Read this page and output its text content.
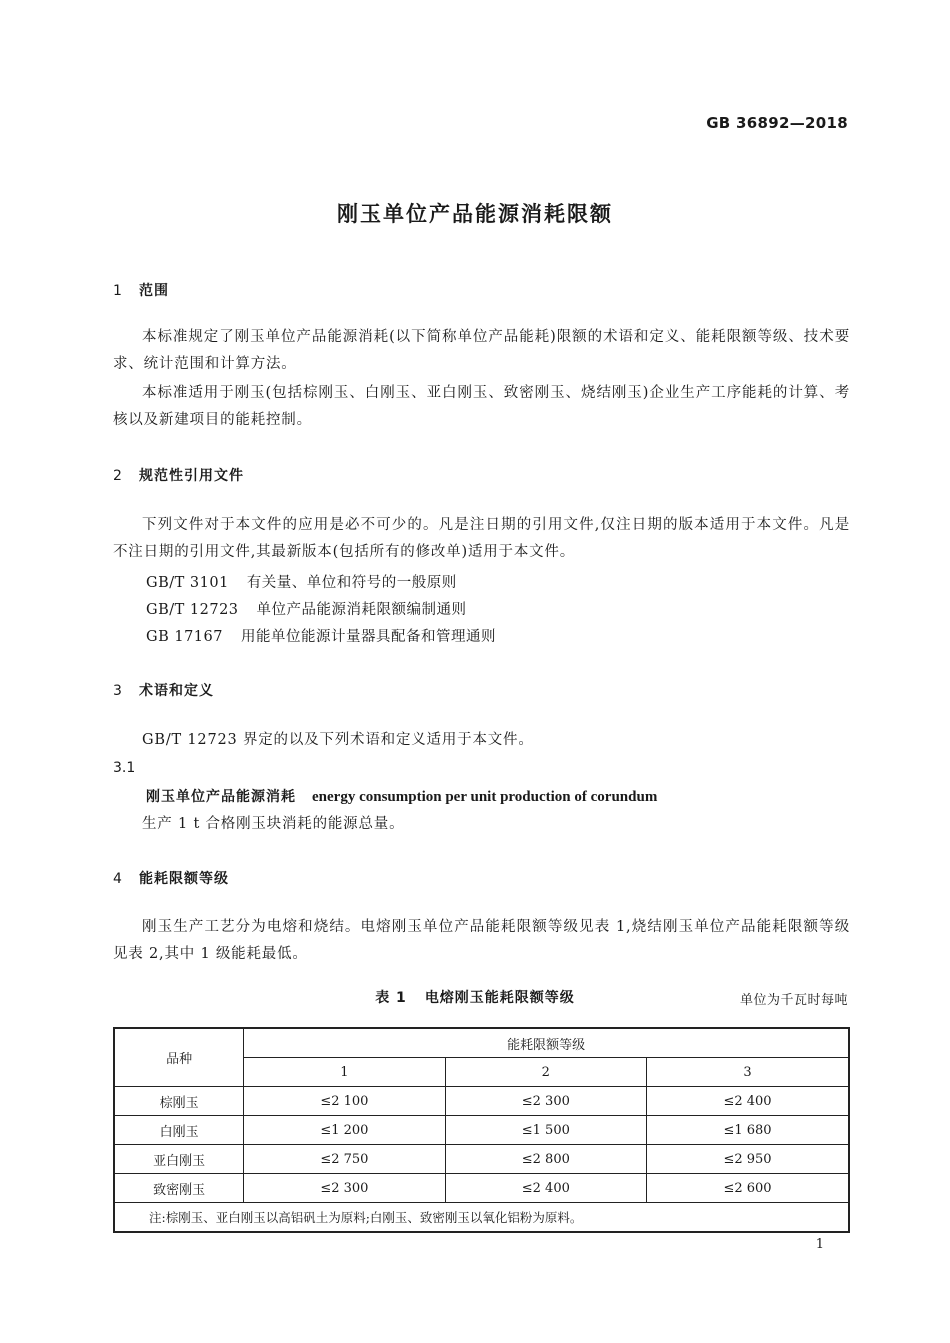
GB 36892—2018
刚玉单位产品能源消耗限额
1 范围
本标准规定了刚玉单位产品能源消耗(以下简称单位产品能耗)限额的术语和定义、能耗限额等级、技术要求、统计范围和计算方法。
本标准适用于刚玉(包括棕刚玉、白刚玉、亚白刚玉、致密刚玉、烧结刚玉)企业生产工序能耗的计算、考核以及新建项目的能耗控制。
2 规范性引用文件
下列文件对于本文件的应用是必不可少的。凡是注日期的引用文件,仅注日期的版本适用于本文件。凡是不注日期的引用文件,其最新版本(包括所有的修改单)适用于本文件。
GB/T 3101 有关量、单位和符号的一般原则
GB/T 12723 单位产品能源消耗限额编制通则
GB 17167 用能单位能源计量器具配备和管理通则
3 术语和定义
GB/T 12723 界定的以及下列术语和定义适用于本文件。
3.1
刚玉单位产品能源消耗 energy consumption per unit production of corundum
生产 1 t 合格刚玉块消耗的能源总量。
4 能耗限额等级
刚玉生产工艺分为电熔和烧结。电熔刚玉单位产品能耗限额等级见表 1,烧结刚玉单位产品能耗限额等级见表 2,其中 1 级能耗最低。
表 1 电熔刚玉能耗限额等级	单位为千瓦时每吨
品种	能耗限额等级		
	1	2	3
棕刚玉	≤2 100	≤2 300	≤2 400
白刚玉	≤1 200	≤1 500	≤1 680
亚白刚玉	≤2 750	≤2 800	≤2 950
致密刚玉	≤2 300	≤2 400	≤2 600
注:棕刚玉、亚白刚玉以高铝矾土为原料;白刚玉、致密刚玉以氧化铝粉为原料。			
1
